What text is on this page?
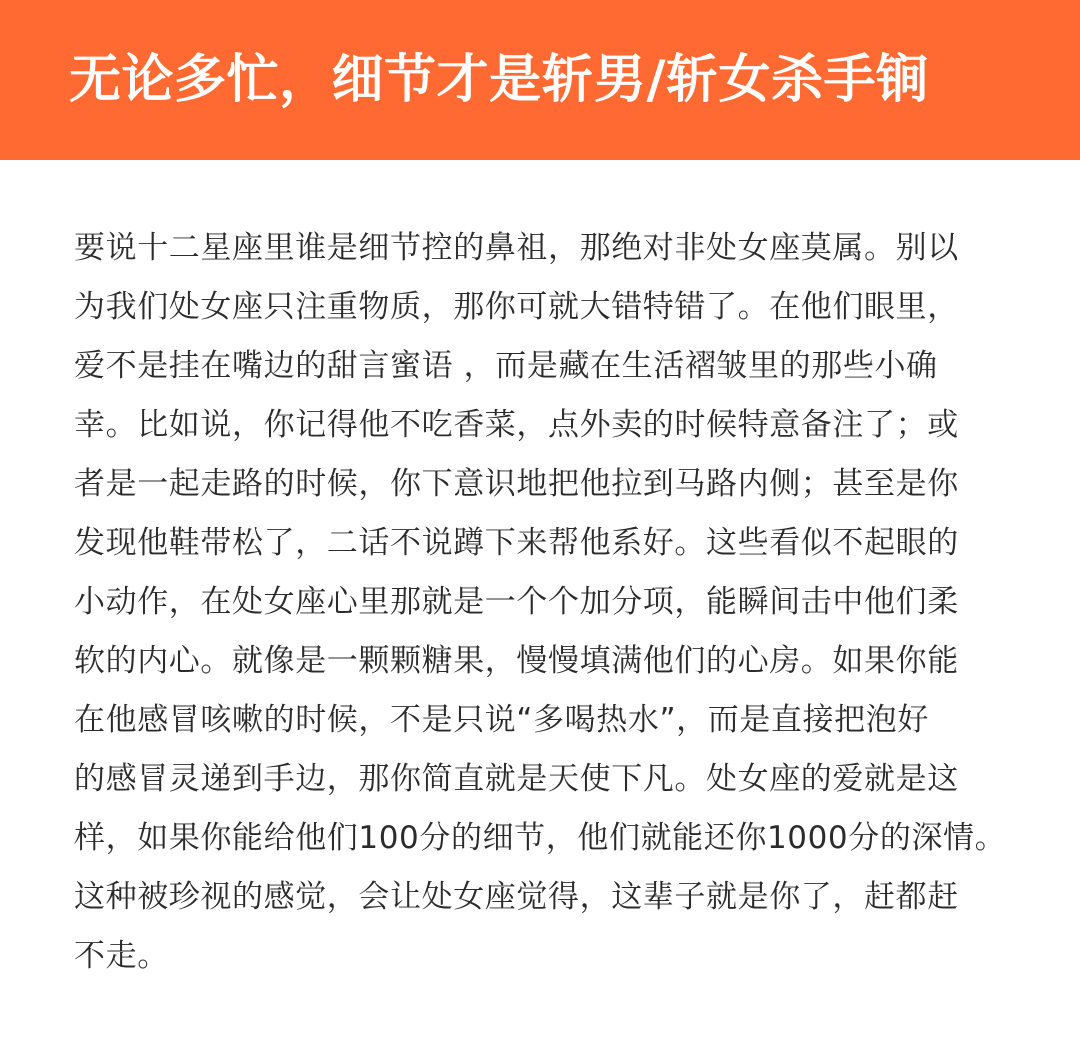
无论多忙，细节才是斩男/斩女杀手锏
要说十二星座里谁是细节控的鼻祖，那绝对非处女座莫属。别以
为我们处女座只注重物质，那你可就大错特错了。在他们眼里，
爱不是挂在嘴边的甜言蜜语 ，而是藏在生活褶皱里的那些小确
幸。比如说，你记得他不吃香菜，点外卖的时候特意备注了；或
者是一起走路的时候，你下意识地把他拉到马路内侧；甚至是你
发现他鞋带松了，二话不说蹲下来帮他系好。这些看似不起眼的
小动作，在处女座心里那就是一个个加分项，能瞬间击中他们柔
软的内心。就像是一颗颗糖果，慢慢填满他们的心房。如果你能
在他感冒咳嗽的时候，不是只说“多喝热水”，而是直接把泡好
的感冒灵递到手边，那你简直就是天使下凡。处女座的爱就是这
样，如果你能给他们100分的细节，他们就能还你1000分的深情。
这种被珍视的感觉，会让处女座觉得，这辈子就是你了，赶都赶
不走。
